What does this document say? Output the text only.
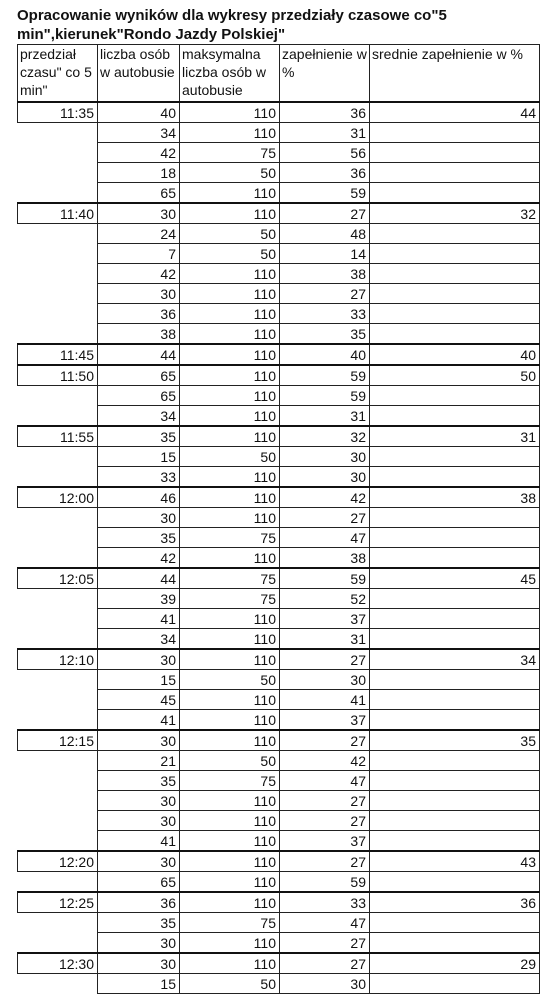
Opracowanie wyników dla wykresy przedziały czasowe co"5 min",kierunek"Rondo Jazdy Polskiej"
przedział czasu" co 5 min"	liczba osób w autobusie	maksymalna liczba osób w autobusie	zapełnienie w %	srednie zapełnienie w %
11:35	40	110	36	44
	34	110	31	
	42	75	56	
	18	50	36	
	65	110	59	
11:40	30	110	27	32
	24	50	48	
	7	50	14	
	42	110	38	
	30	110	27	
	36	110	33	
	38	110	35	
11:45	44	110	40	40
11:50	65	110	59	50
	65	110	59	
	34	110	31	
11:55	35	110	32	31
	15	50	30	
	33	110	30	
12:00	46	110	42	38
	30	110	27	
	35	75	47	
	42	110	38	
12:05	44	75	59	45
	39	75	52	
	41	110	37	
	34	110	31	
12:10	30	110	27	34
	15	50	30	
	45	110	41	
	41	110	37	
12:15	30	110	27	35
	21	50	42	
	35	75	47	
	30	110	27	
	30	110	27	
	41	110	37	
12:20	30	110	27	43
	65	110	59	
12:25	36	110	33	36
	35	75	47	
	30	110	27	
12:30	30	110	27	29
	15	50	30	
